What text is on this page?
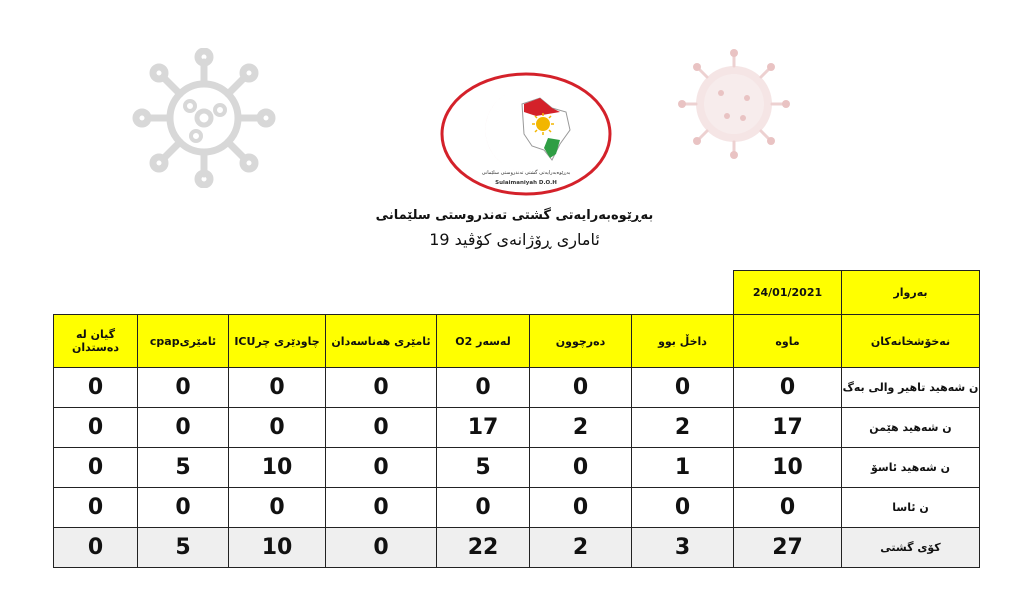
بەڕێوەبەرایەتی گشتی تەندروستی سلێمانی
Sulaimaniyah D.O.H
بەڕێوەبەرایەتی گشتی تەندروستی سلێمانی
ئاماری ڕۆژانەی کۆڤید 19
							24/01/2021	بەروار
گیان لە دەستدان	ئامێریcpap	چاودێری چرICU	ئامێری هەناسەدان	لەسەر O2	دەرچوون	داخڵ بوو	ماوە	نەخۆشخانەکان
0	0	0	0	0	0	0	0	ن شەهید تاهیر والی بەگ
0	0	0	0	17	2	2	17	ن شەهید هێمن
0	5	10	0	5	0	1	10	ن شەهید ئاسۆ
0	0	0	0	0	0	0	0	ن ئاسا
0	5	10	0	22	2	3	27	کۆی گشتی
